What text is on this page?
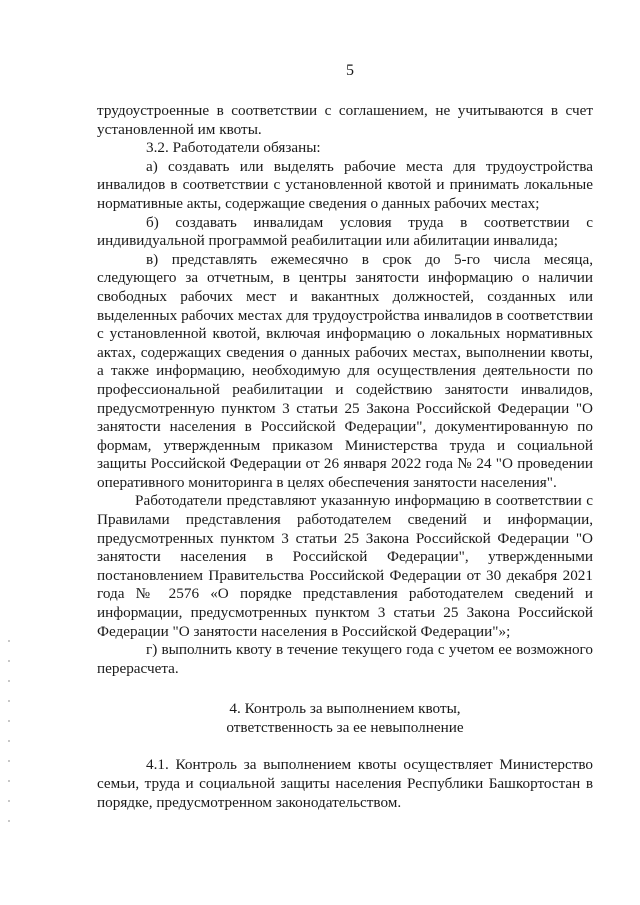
5

трудоустроенные в соответствии с соглашением, не учитываются в счет установленной им квоты.

3.2. Работодатели обязаны:

а) создавать или выделять рабочие места для трудоустройства инвалидов в соответствии с установленной квотой и принимать локальные нормативные акты, содержащие сведения о данных рабочих местах;

б) создавать инвалидам условия труда в соответствии с индивидуальной программой реабилитации или абилитации инвалида;

в) представлять ежемесячно в срок до 5-го числа месяца, следующего за отчетным, в центры занятости информацию о наличии свободных рабочих мест и вакантных должностей, созданных или выделенных рабочих местах для трудоустройства инвалидов в соответствии с установленной квотой, включая информацию о локальных нормативных актах, содержащих сведения о данных рабочих местах, выполнении квоты, а также информацию, необходимую для осуществления деятельности по профессиональной реабилитации и содействию занятости инвалидов, предусмотренную пунктом 3 статьи 25 Закона Российской Федерации "О занятости населения в Российской Федерации", документированную по формам, утвержденным приказом Министерства труда и социальной защиты Российской Федерации от 26 января 2022 года № 24 "О проведении оперативного мониторинга в целях обеспечения занятости населения".

Работодатели представляют указанную информацию в соответствии с Правилами представления работодателем сведений и информации, предусмотренных пунктом 3 статьи 25 Закона Российской Федерации "О занятости населения в Российской Федерации", утвержденными постановлением Правительства Российской Федерации от 30 декабря 2021 года № 2576 «О порядке представления работодателем сведений и информации, предусмотренных пунктом 3 статьи 25 Закона Российской Федерации "О занятости населения в Российской Федерации"»;

г) выполнить квоту в течение текущего года с учетом ее возможного перерасчета.

4. Контроль за выполнением квоты,
ответственность за ее невыполнение

4.1. Контроль за выполнением квоты осуществляет Министерство семьи, труда и социальной защиты населения Республики Башкортостан в порядке, предусмотренном законодательством.
